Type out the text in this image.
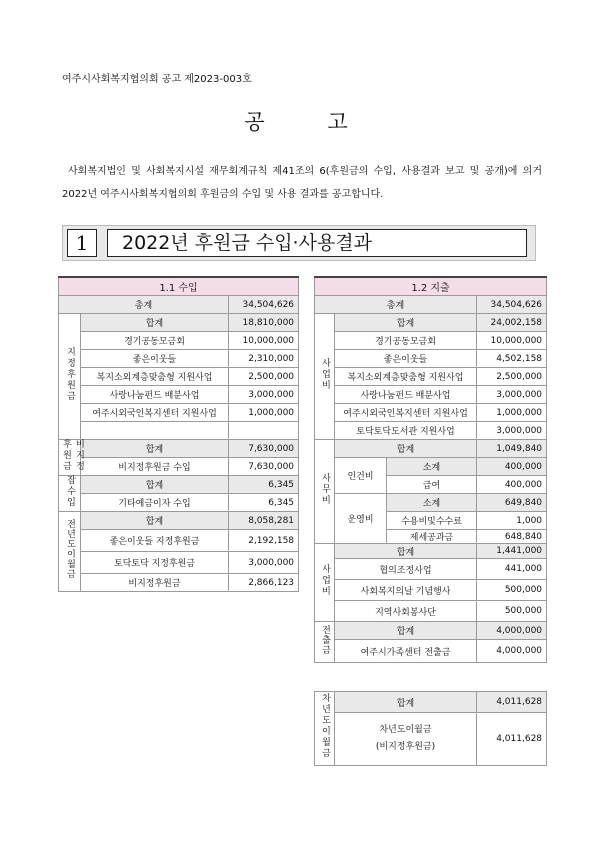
여주시사회복지협의회 공고 제2023-003호
공 고
사회복지법인 및 사회복지시설 재무회계규칙 제41조의 6(후원금의 수입, 사용결과 보고 및 공개)에 의거 2022년 여주시사회복지협의회 후원금의 수입 및 사용 결과를 공고합니다.
1	2022년 후원금 수입·사용결과
1.1 수입		
총계		34,504,626
지정후원금	합계	18,810,000
	경기공동모금회	10,000,000
	좋은이웃들	2,310,000
	복지소외계층맞춤형 지원사업	2,500,000
	사랑나눔펀드 배분사업	3,000,000
	여주시외국인복지센터 지원사업	1,000,000

비지정후원금	합계	7,630,000
	비지정후원금 수입	7,630,000

잡수입	합계	6,345
	기타예금이자 수입	6,345
전년도이월금	합계	8,058,281
	좋은이웃들 지정후원금	2,192,158
	토닥토닥 지정후원금	3,000,000
	비지정후원금	2,866,123
1.2 지출			
총계			34,504,626
사업비	합계		24,002,158
	경기공동모금회		10,000,000
	좋은이웃들		4,502,158
	복지소외계층맞춤형 지원사업		2,500,000
	사랑나눔펀드 배분사업		3,000,000
	여주시외국인복지센터 지원사업		1,000,000
	토닥토닥도서관 지원사업		3,000,000
사무비	합계		1,049,840
	인건비	소계	400,000
		급여	400,000
	운영비	소계	649,840
		수용비및수수료	1,000
		제세공과금	648,840
사업비	합계		1,441,000
	협의조정사업		441,000
	사회복지의날 기념행사		500,000
	지역사회봉사단		500,000
전출금	합계		4,000,000
	여주시가족센터 전출금		4,000,000

차년도이월금	합계		4,011,628

	차년도이월금
(비지정후원금)		4,011,628
